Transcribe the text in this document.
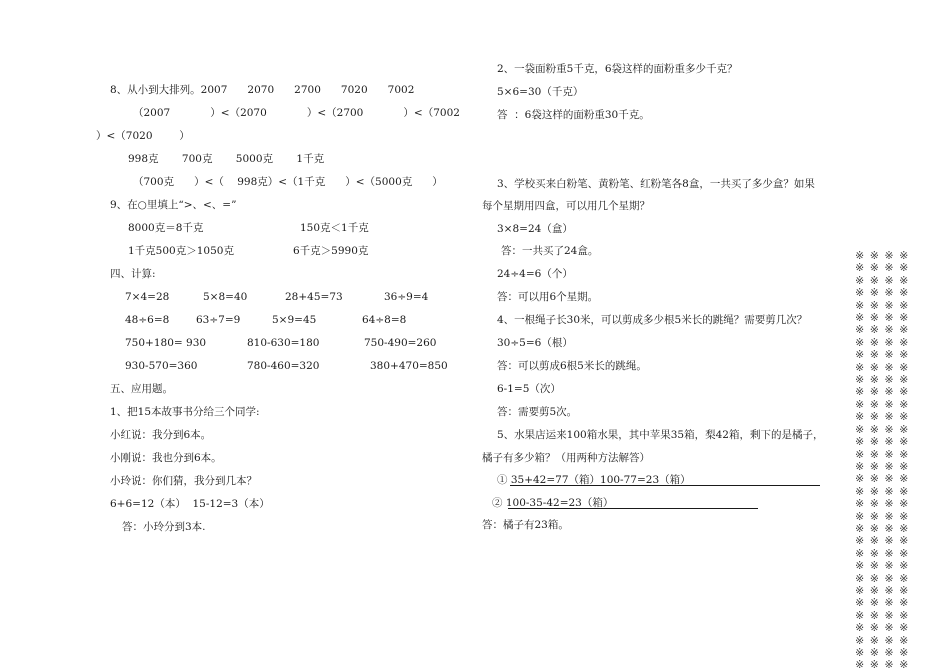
8、从小到大排列。2007      2070      2700      7020      7002
（2007            ）<（2070            ）<（2700            ）<（7002
）<（7020        ）
998克       700克       5000克       1千克
（700克      ）<（    998克）<（1千克      ）<（5000克      ）
9、在○里填上“>、<、=”
8000克＝8千克	150克＜1千克
1千克500克＞1050克	6千克＞5990克
四、计算:
7×4=28	5×8=40	28+45=73	36÷9=4
48÷6=8	63÷7=9	5×9=45	64÷8=8
750+180= 930	810-630=180	750-490=260
930-570=360	780-460=320	380+470=850
五、应用题。
1、把15本故事书分给三个同学:
小红说：我分到6本。
小刚说：我也分到6本。
小玲说：你们猜，我分到几本？
6+6=12（本）  15-12=3（本）
答：小玲分到3本.
2、一袋面粉重5千克，6袋这样的面粉重多少千克？
5×6=30（千克）
答  ：6袋这样的面粉重30千克。
3、学校买来白粉笔、黄粉笔、红粉笔各8盒，一共买了多少盒？如果
每个星期用四盒，可以用几个星期？
3×8=24（盒）
答：一共买了24盒。
24÷4=6（个）
答：可以用6个星期。
4、一根绳子长30米，可以剪成多少根5米长的跳绳？需要剪几次？
30÷5=6（根）
答：可以剪成6根5米长的跳绳。
6-1=5（次）
答：需要剪5次。
5、水果店运来100箱水果，其中苹果35箱，梨42箱，剩下的是橘子，
橘子有多少箱？（用两种方法解答）
① 35+42=77（箱）100-77=23（箱）
② 100-35-42=23（箱）
答：橘子有23箱。
※ ※ ※ ※
※ ※ ※ ※
※ ※ ※ ※
※ ※ ※ ※
※ ※ ※ ※
※ ※ ※ ※
※ ※ ※ ※
※ ※ ※ ※
※ ※ ※ ※
※ ※ ※ ※
※ ※ ※ ※
※ ※ ※ ※
※ ※ ※ ※
※ ※ ※ ※
※ ※ ※ ※
※ ※ ※ ※
※ ※ ※ ※
※ ※ ※ ※
※ ※ ※ ※
※ ※ ※ ※
※ ※ ※ ※
※ ※ ※ ※
※ ※ ※ ※
※ ※ ※ ※
※ ※ ※ ※
※ ※ ※ ※
※ ※ ※ ※
※ ※ ※ ※
※ ※ ※ ※
※ ※ ※ ※
※ ※ ※ ※
※ ※ ※ ※
※ ※ ※ ※
※ ※ ※ ※
